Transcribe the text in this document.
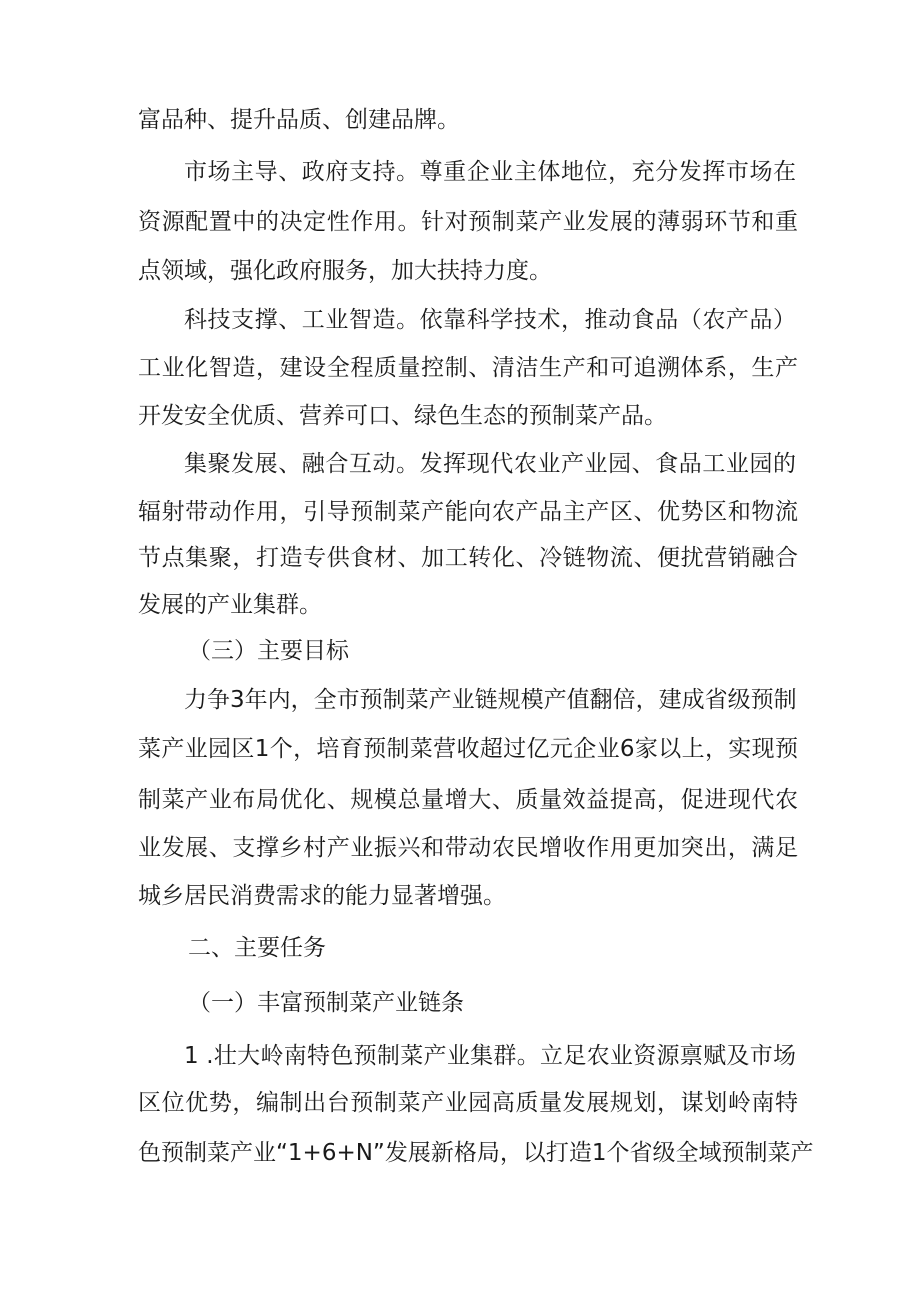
富品种、提升品质、创建品牌。
市场主导、政府支持。尊重企业主体地位，充分发挥市场在
资源配置中的决定性作用。针对预制菜产业发展的薄弱环节和重
点领域，强化政府服务，加大扶持力度。
科技支撑、工业智造。依靠科学技术，推动食品（农产品）
工业化智造，建设全程质量控制、清洁生产和可追溯体系，生产
开发安全优质、营养可口、绿色生态的预制菜产品。
集聚发展、融合互动。发挥现代农业产业园、食品工业园的
辐射带动作用，引导预制菜产能向农产品主产区、优势区和物流
节点集聚，打造专供食材、加工转化、冷链物流、便扰营销融合
发展的产业集群。
（三）主要目标
力争3年内，全市预制菜产业链规模产值翻倍，建成省级预制
菜产业园区1个，培育预制菜营收超过亿元企业6家以上，实现预
制菜产业布局优化、规模总量增大、质量效益提高，促进现代农
业发展、支撑乡村产业振兴和带动农民增收作用更加突出，满足
城乡居民消费需求的能力显著增强。
二、主要任务
（一）丰富预制菜产业链条
1 .壮大岭南特色预制菜产业集群。立足农业资源禀赋及市场
区位优势，编制出台预制菜产业园高质量发展规划，谋划岭南特
色预制菜产业“1+6+N”发展新格局，以打造1个省级全域预制菜产
